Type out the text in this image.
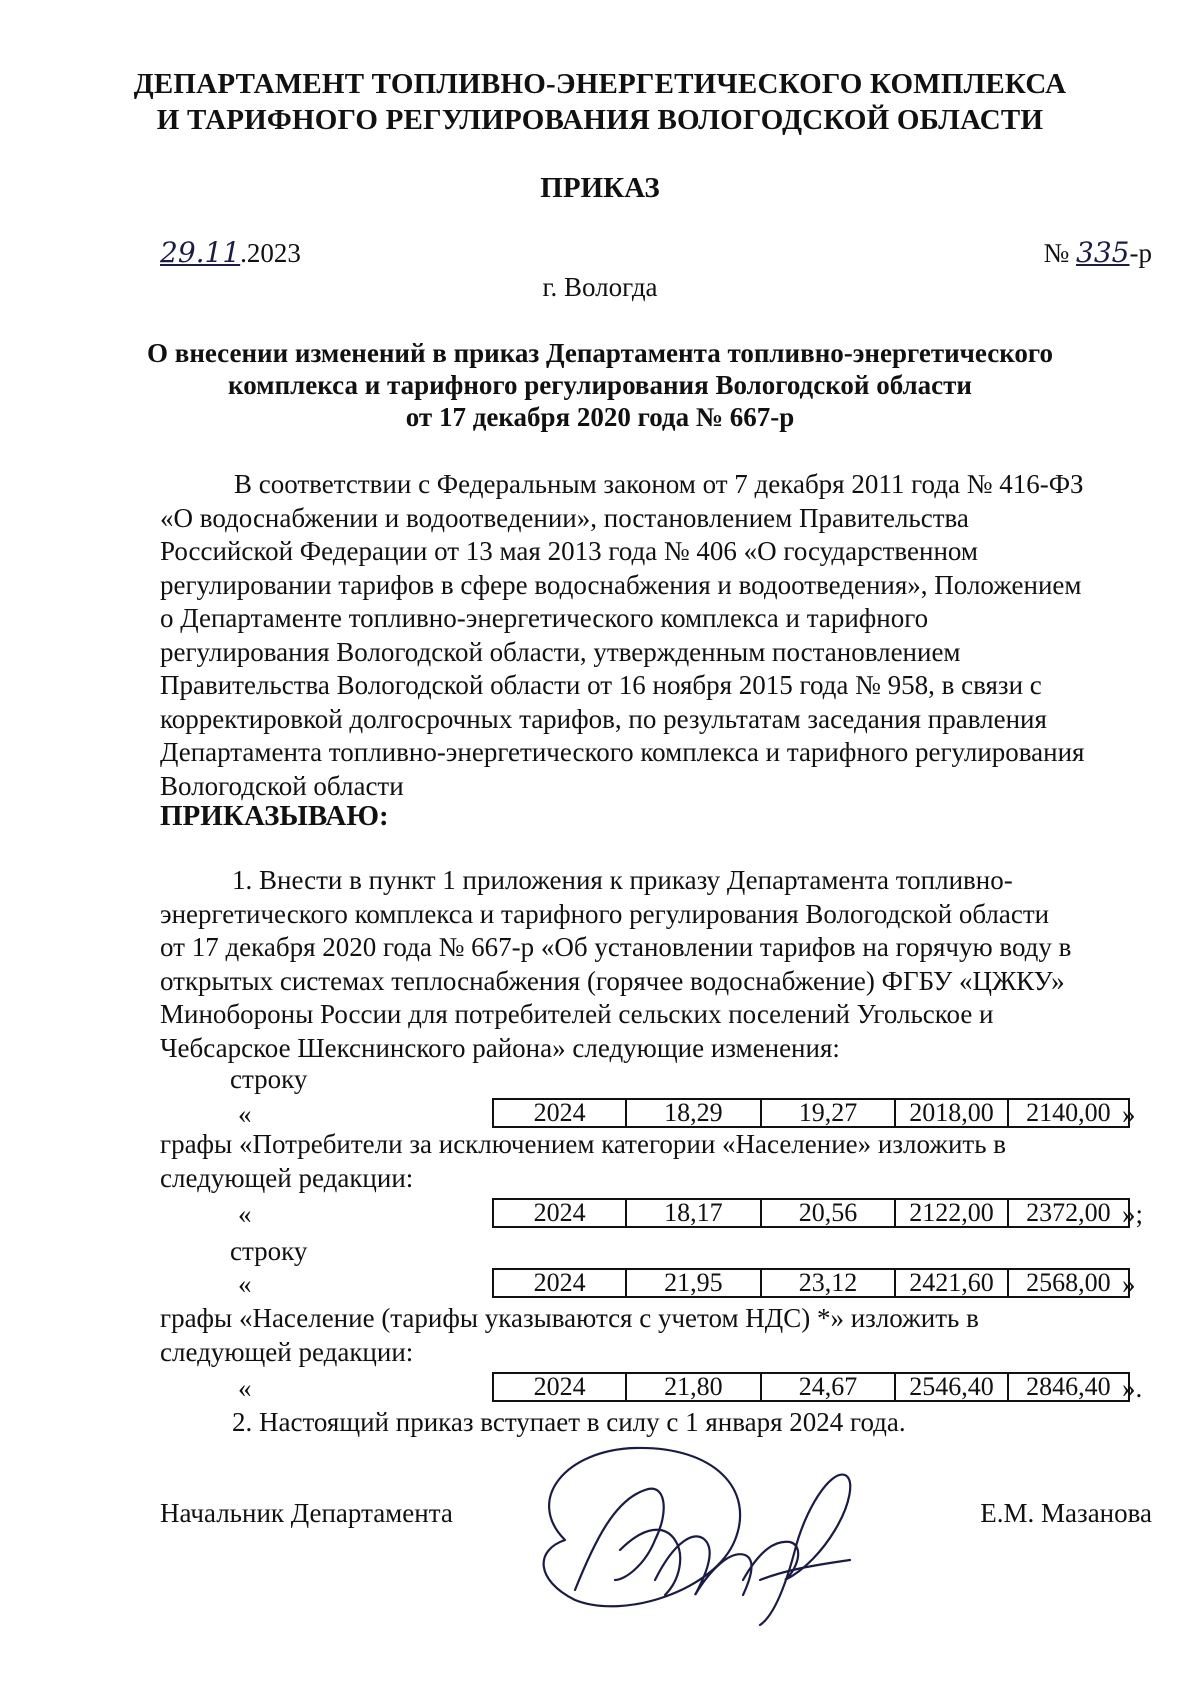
ДЕПАРТАМЕНТ ТОПЛИВНО-ЭНЕРГЕТИЧЕСКОГО КОМПЛЕКСА
И ТАРИФНОГО РЕГУЛИРОВАНИЯ ВОЛОГОДСКОЙ ОБЛАСТИ
ПРИКАЗ
29.11.2023	№ 335-р
г. Вологда
О внесении изменений в приказ Департамента топливно-энергетического
комплекса и тарифного регулирования Вологодской области
от 17 декабря 2020 года № 667-р

В соответствии с Федеральным законом от 7 декабря 2011 года № 416-ФЗ

«О водоснабжении и водоотведении», постановлением Правительства

Российской Федерации от 13 мая 2013 года № 406 «О государственном

регулировании тарифов в сфере водоснабжения и водоотведения», Положением

о Департаменте топливно-энергетического комплекса и тарифного

регулирования Вологодской области, утвержденным постановлением

Правительства Вологодской области от 16 ноября 2015 года № 958, в связи с

корректировкой долгосрочных тарифов, по результатам заседания правления

Департамента топливно-энергетического комплекса и тарифного регулирования

Вологодской области

ПРИКАЗЫВАЮ:

1. Внести в пункт 1 приложения к приказу Департамента топливно-

энергетического комплекса и тарифного регулирования Вологодской области

от 17 декабря 2020 года № 667-р «Об установлении тарифов на горячую воду в

открытых системах теплоснабжения (горячее водоснабжение) ФГБУ «ЦЖКУ»

Минобороны России для потребителей сельских поселений Угольское и

Чебсарское Шекснинского района» следующие изменения:

строку
«	2024	18,29	19,27	2018,00	2140,00 »

графы «Потребители за исключением категории «Население» изложить в

следующей редакции:

«	2024	18,17	20,56	2122,00	2372,00 »;
строку
«	2024	21,95	23,12	2421,60	2568,00 »

графы «Население (тарифы указываются с учетом НДС) *» изложить в

следующей редакции:

«	2024	21,80	24,67	2546,40	2846,40 ».
2. Настоящий приказ вступает в силу с 1 января 2024 года.
Начальник Департамента	Е.М. Мазанова
